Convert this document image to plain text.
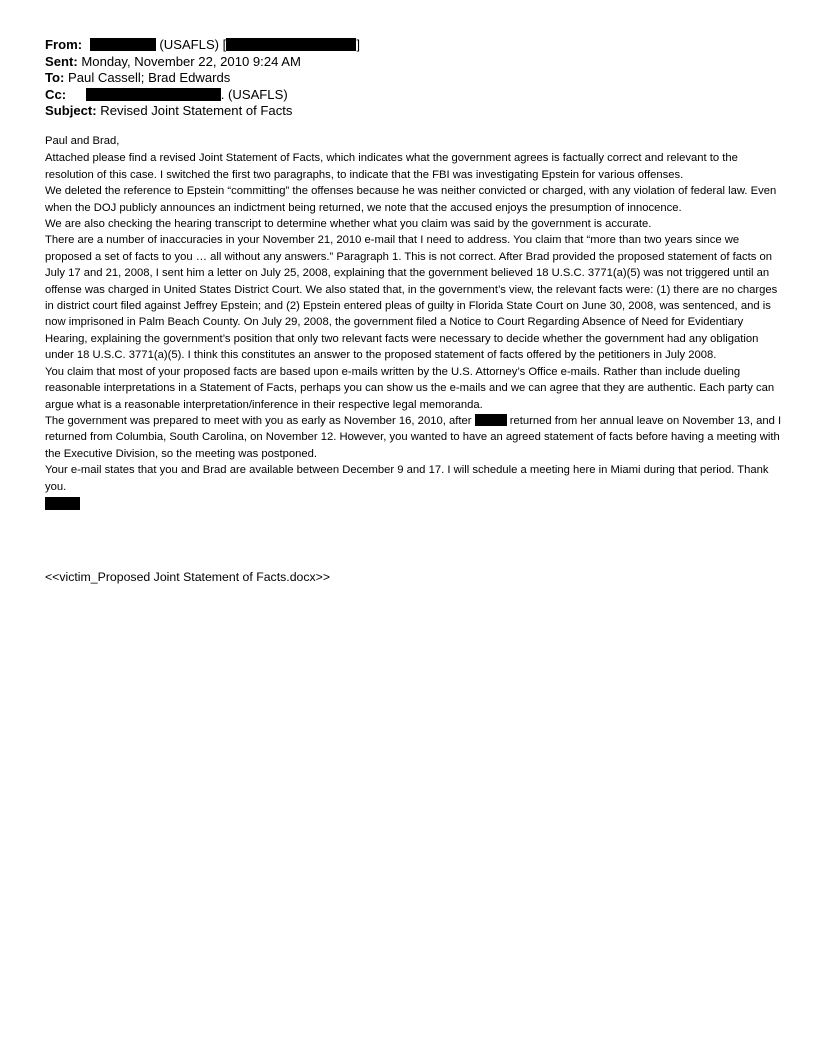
From:	(USAFLS) [	]
Sent: Monday, November 22, 2010 9:24 AM
To: Paul Cassell; Brad Edwards
Cc:	. (USAFLS)
Subject: Revised Joint Statement of Facts

Paul and Brad,

Attached please find a revised Joint Statement of Facts, which indicates what the government agrees is factually correct and relevant to the resolution of this case. I switched the first two paragraphs, to indicate that the FBI was investigating Epstein for various offenses.

We deleted the reference to Epstein “committing” the offenses because he was neither convicted or charged, with any violation of federal law. Even when the DOJ publicly announces an indictment being returned, we note that the accused enjoys the presumption of innocence.

We are also checking the hearing transcript to determine whether what you claim was said by the government is accurate.

There are a number of inaccuracies in your November 21, 2010 e-mail that I need to address. You claim that “more than two years since we proposed a set of facts to you … all without any answers.” Paragraph 1. This is not correct. After Brad provided the proposed statement of facts on July 17 and 21, 2008, I sent him a letter on July 25, 2008, explaining that the government believed 18 U.S.C. 3771(a)(5) was not triggered until an offense was charged in United States District Court. We also stated that, in the government’s view, the relevant facts were: (1) there are no charges in district court filed against Jeffrey Epstein; and (2) Epstein entered pleas of guilty in Florida State Court on June 30, 2008, was sentenced, and is now imprisoned in Palm Beach County. On July 29, 2008, the government filed a Notice to Court Regarding Absence of Need for Evidentiary Hearing, explaining the government’s position that only two relevant facts were necessary to decide whether the government had any obligation under 18 U.S.C. 3771(a)(5). I think this constitutes an answer to the proposed statement of facts offered by the petitioners in July 2008.

You claim that most of your proposed facts are based upon e-mails written by the U.S. Attorney’s Office e-mails. Rather than include dueling reasonable interpretations in a Statement of Facts, perhaps you can show us the e-mails and we can agree that they are authentic. Each party can argue what is a reasonable interpretation/inference in their respective legal memoranda.

The government was prepared to meet with you as early as November 16, 2010, after	returned from her annual leave on November 13, and I returned from Columbia, South Carolina, on November 12. However, you wanted to have an agreed statement of facts before having a meeting with the Executive Division, so the meeting was postponed.

Your e-mail states that you and Brad are available between December 9 and 17. I will schedule a meeting here in Miami during that period. Thank you.

<<victim_Proposed Joint Statement of Facts.docx>>
